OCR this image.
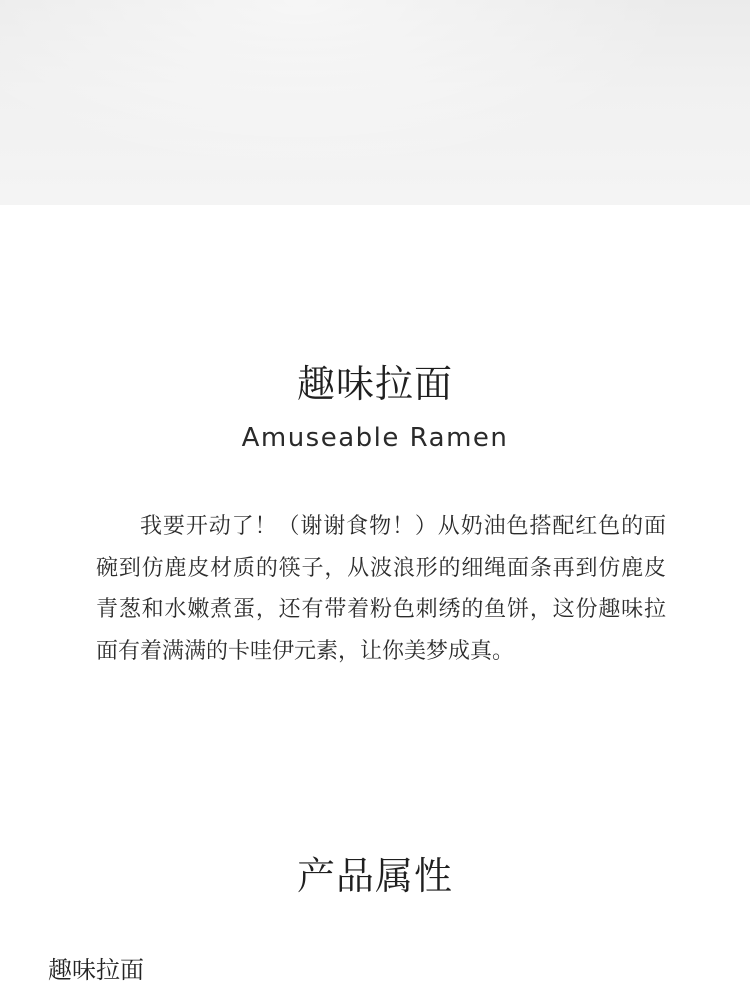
趣味拉面
Amuseable Ramen

我要开动了！（谢谢食物！）从奶油色搭配红色的面碗到仿鹿皮材质的筷子，从波浪形的细绳面条再到仿鹿皮青葱和水嫩煮蛋，还有带着粉色刺绣的鱼饼，这份趣味拉面有着满满的卡哇伊元素，让你美梦成真。

产品属性
趣味拉面
